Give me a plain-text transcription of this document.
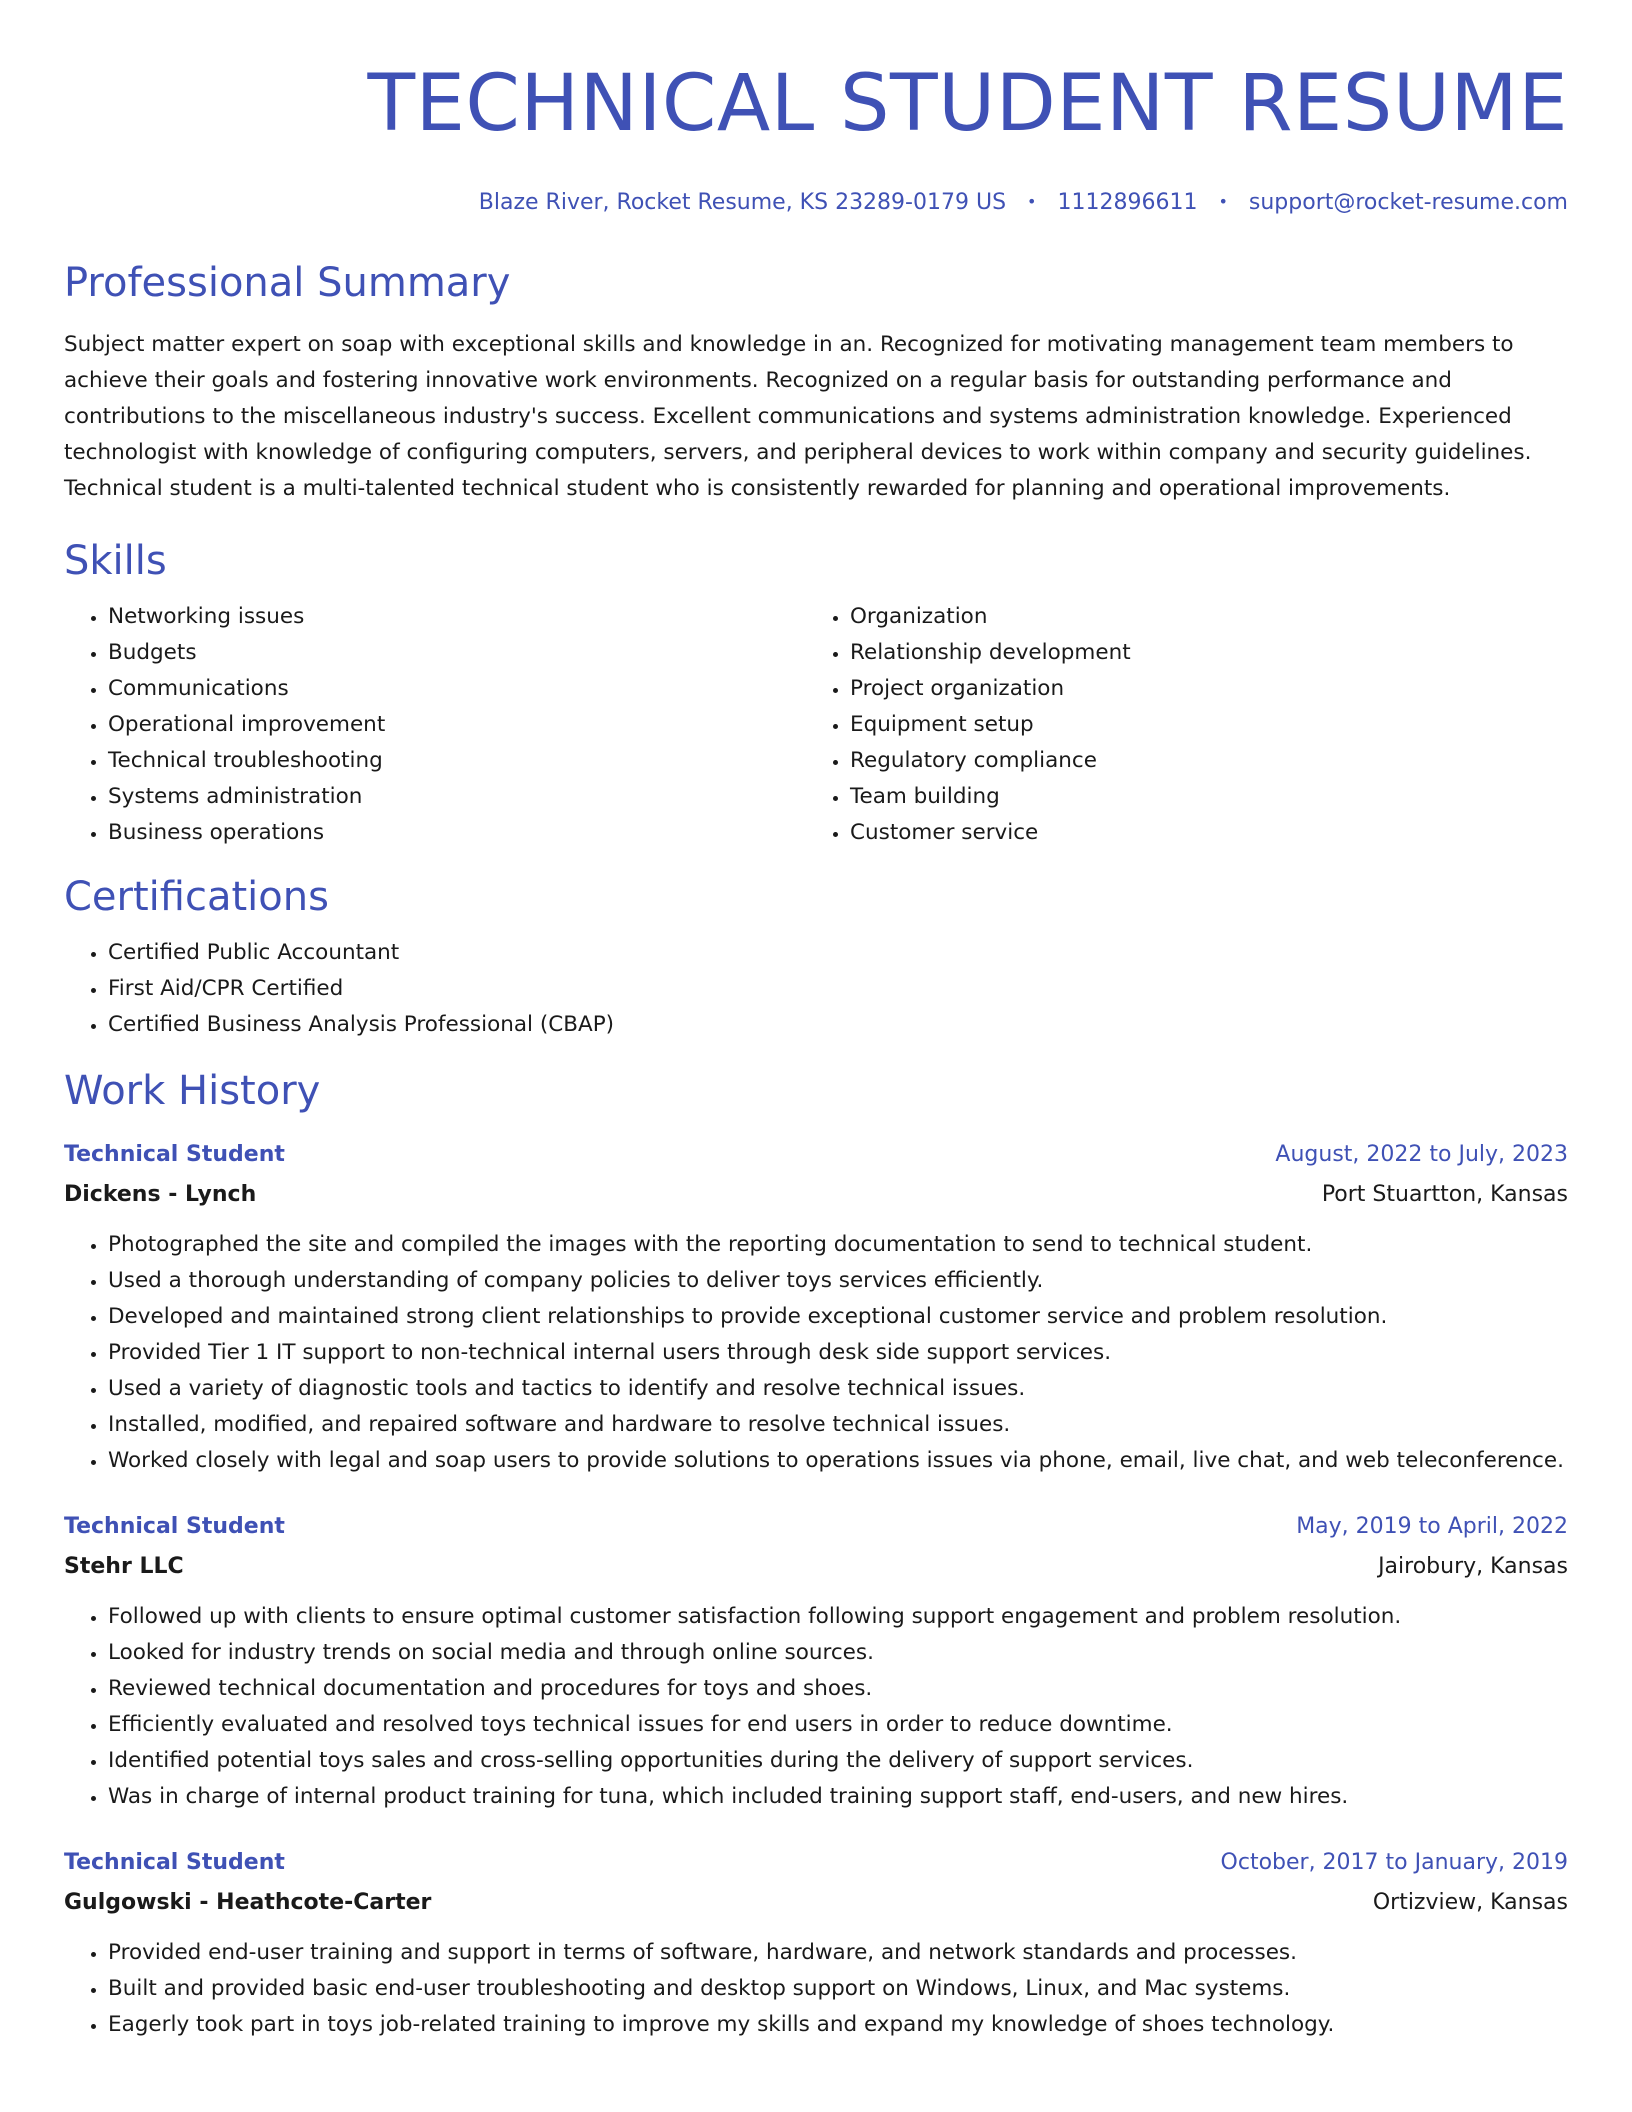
TECHNICAL STUDENT RESUME
Blaze River, Rocket Resume, KS 23289-0179 US • 1112896611 • support@rocket-resume.com
Professional Summary
Subject matter expert on soap with exceptional skills and knowledge in an. Recognized for motivating management team members to achieve their goals and fostering innovative work environments. Recognized on a regular basis for outstanding performance and contributions to the miscellaneous industry's success. Excellent communications and systems administration knowledge. Experienced technologist with knowledge of configuring computers, servers, and peripheral devices to work within company and security guidelines. Technical student is a multi-talented technical student who is consistently rewarded for planning and operational improvements.
Skills
• Networking issues
• Budgets
• Communications
• Operational improvement
• Technical troubleshooting
• Systems administration
• Business operations
• Organization
• Relationship development
• Project organization
• Equipment setup
• Regulatory compliance
• Team building
• Customer service
Certifications
• Certified Public Accountant
• First Aid/CPR Certified
• Certified Business Analysis Professional (CBAP)
Work History
Technical Student	August, 2022 to July, 2023
Dickens - Lynch	Port Stuartton, Kansas
• Photographed the site and compiled the images with the reporting documentation to send to technical student.
• Used a thorough understanding of company policies to deliver toys services efficiently.
• Developed and maintained strong client relationships to provide exceptional customer service and problem resolution.
• Provided Tier 1 IT support to non-technical internal users through desk side support services.
• Used a variety of diagnostic tools and tactics to identify and resolve technical issues.
• Installed, modified, and repaired software and hardware to resolve technical issues.
• Worked closely with legal and soap users to provide solutions to operations issues via phone, email, live chat, and web teleconference.
Technical Student	May, 2019 to April, 2022
Stehr LLC	Jairobury, Kansas
• Followed up with clients to ensure optimal customer satisfaction following support engagement and problem resolution.
• Looked for industry trends on social media and through online sources.
• Reviewed technical documentation and procedures for toys and shoes.
• Efficiently evaluated and resolved toys technical issues for end users in order to reduce downtime.
• Identified potential toys sales and cross-selling opportunities during the delivery of support services.
• Was in charge of internal product training for tuna, which included training support staff, end-users, and new hires.
Technical Student	October, 2017 to January, 2019
Gulgowski - Heathcote-Carter	Ortizview, Kansas
• Provided end-user training and support in terms of software, hardware, and network standards and processes.
• Built and provided basic end-user troubleshooting and desktop support on Windows, Linux, and Mac systems.
• Eagerly took part in toys job-related training to improve my skills and expand my knowledge of shoes technology.
